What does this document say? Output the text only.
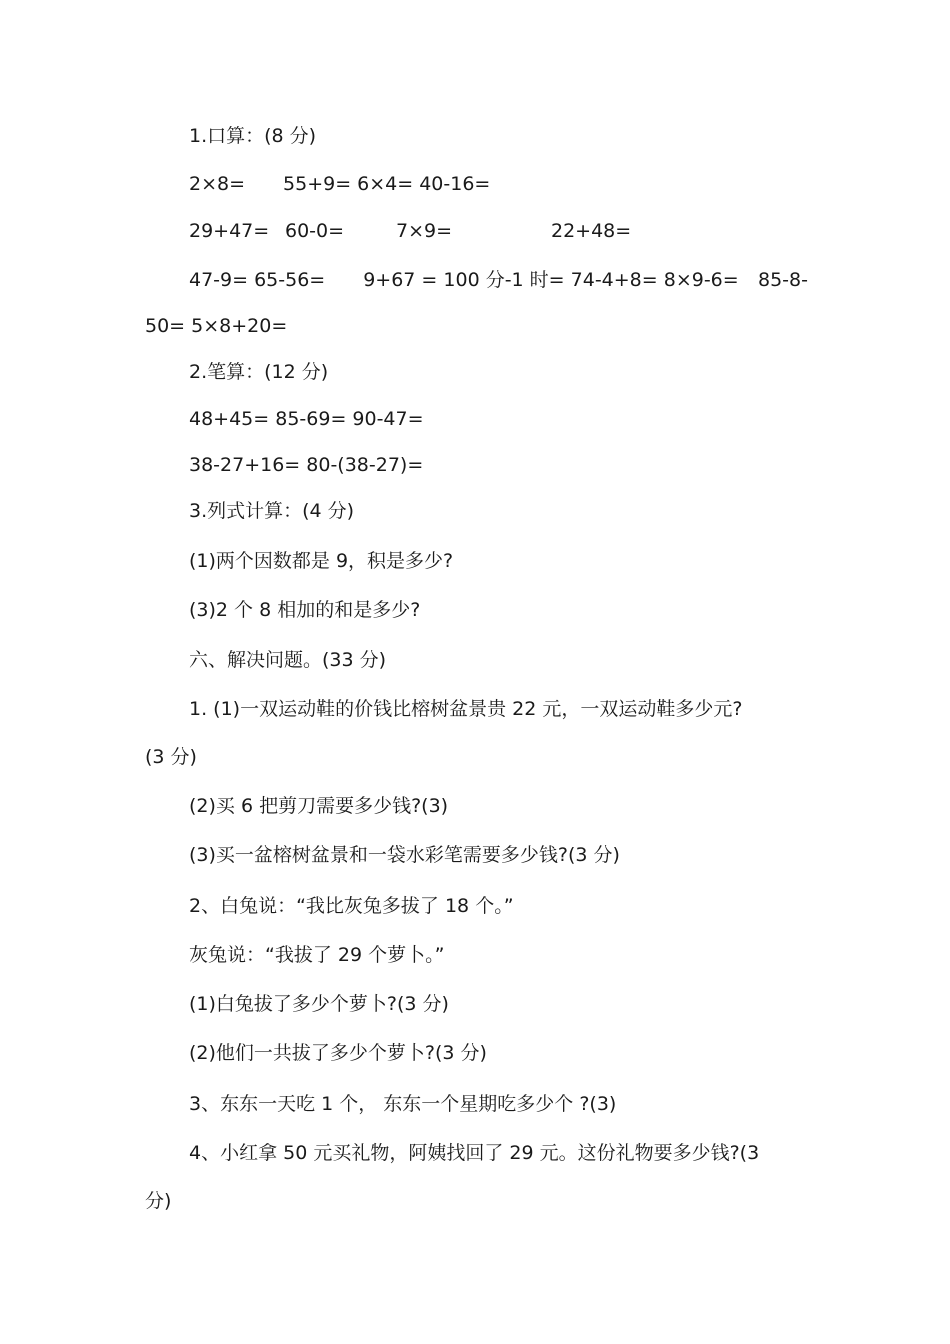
1.口算：(8 分)
2×8=　　55+9= 6×4= 40-16=
29+47= 60-0=	7×9=	22+48=
47-9= 65-56=　　9+67 = 100 分-1 时= 74-4+8= 8×9-6= 85-8-
50= 5×8+20=
2.笔算：(12 分)
48+45= 85-69= 90-47=
38-27+16= 80-(38-27)=
3.列式计算：(4 分)
(1)两个因数都是 9，积是多少?
(3)2 个 8 相加的和是多少?
六、解决问题。(33 分)
1. (1)一双运动鞋的价钱比榕树盆景贵 22 元，一双运动鞋多少元?
(3 分)
(2)买 6 把剪刀需要多少钱?(3)
(3)买一盆榕树盆景和一袋水彩笔需要多少钱?(3 分)
2、白兔说：“我比灰兔多拔了 18 个。”
灰兔说：“我拔了 29 个萝卜。”
(1)白兔拔了多少个萝卜?(3 分)
(2)他们一共拔了多少个萝卜?(3 分)
3、东东一天吃 1 个， 东东一个星期吃多少个 ?(3)
4、小红拿 50 元买礼物，阿姨找回了 29 元。这份礼物要多少钱?(3
分)
